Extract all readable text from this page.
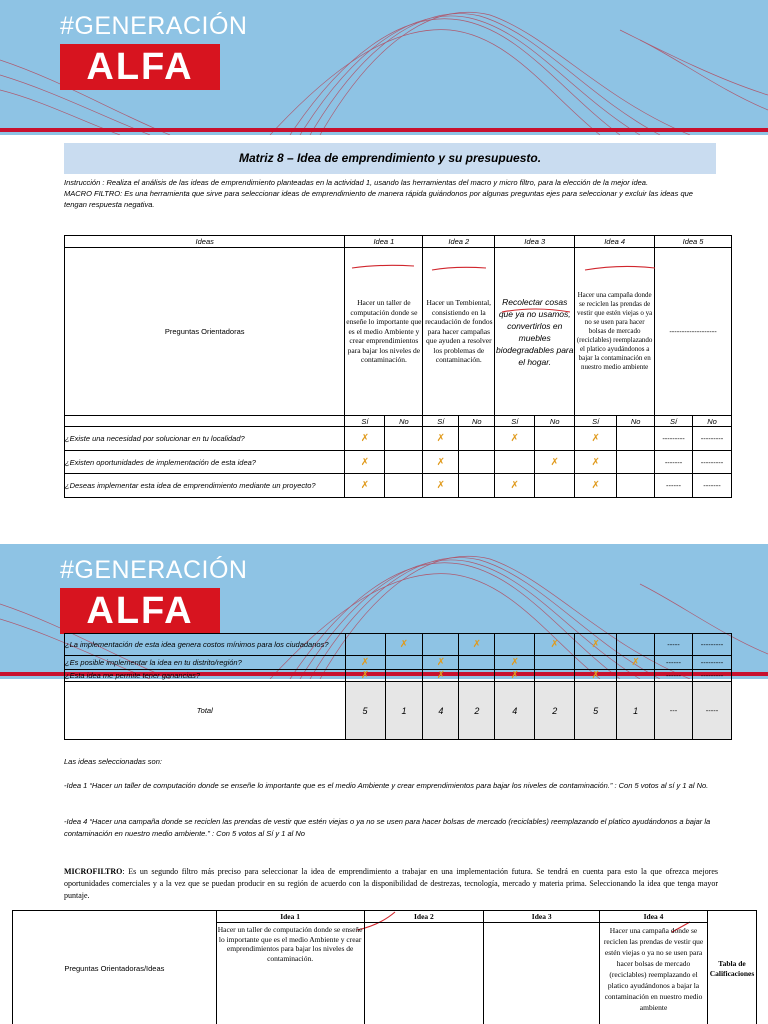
#GENERACIÓN
ALFA
Matriz 8 – Idea de emprendimiento y su presupuesto.
Instrucción : Realiza el análisis de las ideas de emprendimiento planteadas en la actividad 1, usando las herramientas del macro y micro filtro, para la elección de la mejor idea.
MACRO FILTRO: Es una herramienta que sirve para seleccionar ideas de emprendimiento de manera rápida guiándonos por algunas preguntas ejes para seleccionar y excluir las ideas que tengan respuesta negativa.
Ideas	Idea 1		Idea 2		Idea 3		Idea 4		Idea 5	
Preguntas Orientadoras	Hacer un taller de computación donde se enseñe lo importante que es el medio Ambiente y crear emprendimientos para bajar los niveles de contaminación.		Hacer un Tembiental, consistiendo en la recaudación de fondos para hacer campañas que ayuden a resolver los problemas de contaminación.		Recolectar cosas que ya no usamos, convertirlos en muebles biodegradables para el hogar.		Hacer una campaña donde se reciclen las prendas de vestir que estén viejas o ya no se usen para hacer bolsas de mercado (reciclables) reemplazando el platico ayudándonos a bajar la contaminación en nuestro medio ambiente		-------------------	
	Sí	No	Sí	No	Sí	No	Sí	No	Sí	No
¿Existe una necesidad por solucionar en tu localidad?	✗		✗		✗		✗		---------	---------
¿Existen oportunidades de implementación de esta idea?	✗		✗			✗	✗		-------	---------
¿Deseas implementar esta idea de emprendimiento mediante un proyecto?	✗		✗		✗		✗		------	-------
#GENERACIÓN
ALFA
¿La implementación de esta idea genera costos mínimos para los ciudadanos?		✗		✗		✗	✗		-----	---------
¿Es posible implementar la idea en tu distrito/región?	✗		✗		✗			✗	------	---------
¿Esta idea me permite tener ganancias?	✗		✗		✗		✗		------	---------
Total	5	1	4	2	4	2	5	1	---	-----
Las ideas seleccionadas son:
-Idea 1 “Hacer un taller de computación donde se enseñe lo importante que es el medio Ambiente y crear emprendimientos para bajar los niveles de contaminación.” : Con 5 votos al sí y 1 al No.
-Idea 4 “Hacer una campaña donde se reciclen las prendas de vestir que estén viejas o ya no se usen para hacer bolsas de mercado (reciclables) reemplazando el platico ayudándonos a bajar la contaminación en nuestro medio ambiente.” : Con 5 votos al Sí y 1 al No
MICROFILTRO: Es un segundo filtro más preciso para seleccionar la idea de emprendimiento a trabajar en una implementación futura. Se tendrá en cuenta para esto la que ofrezca mejores oportunidades comerciales y a la vez que se puedan producir en su región de acuerdo con la disponibilidad de destrezas, tecnología, mercado y materia prima. Seleccionando la idea que tenga mayor puntaje.
Preguntas Orientadoras/Ideas	Idea 1	Idea 2	Idea 3	Idea 4	Tabla de Calificaciones
	Hacer un taller de computación donde se enseñe lo importante que es el medio Ambiente y crear emprendimientos para bajar los niveles de contaminación.			Hacer una campaña donde se reciclen las prendas de vestir que estén viejas o ya no se usen para hacer bolsas de mercado (reciclables) reemplazando el platico ayudándonos a bajar la contaminación en nuestro medio ambiente	
